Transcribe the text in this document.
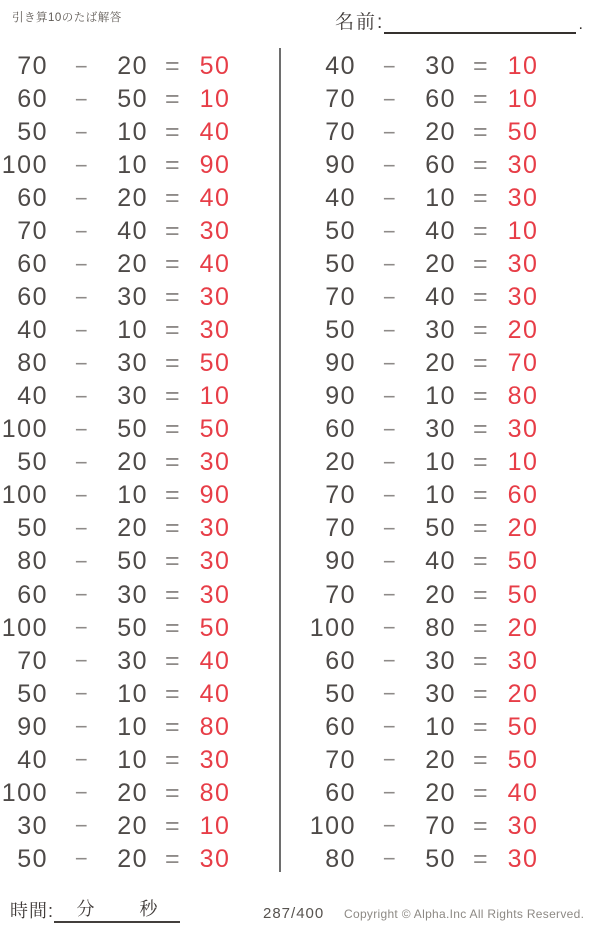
引き算10のたば解答	名前:	.
70	−	20 = 50
60	−	50 = 10
50	−	10 = 40
100	−	10 = 90
60	−	20 = 40
70	−	40 = 30
60	−	20 = 40
60	−	30 = 30
40	−	10 = 30
80	−	30 = 50
40	−	30 = 10
100	−	50 = 50
50	−	20 = 30
100	−	10 = 90
50	−	20 = 30
80	−	50 = 30
60	−	30 = 30
100	−	50 = 50
70	−	30 = 40
50	−	10 = 40
90	−	10 = 80
40	−	10 = 30
100	−	20 = 80
30	−	20 = 10
50	−	20 = 30
40	−	30 = 10
70	−	60 = 10
70	−	20 = 50
90	−	60 = 30
40	−	10 = 30
50	−	40 = 10
50	−	20 = 30
70	−	40 = 30
50	−	30 = 20
90	−	20 = 70
90	−	10 = 80
60	−	30 = 30
20	−	10 = 10
70	−	10 = 60
70	−	50 = 20
90	−	40 = 50
70	−	20 = 50
100	−	80 = 20
60	−	30 = 30
50	−	30 = 20
60	−	10 = 50
70	−	20 = 50
60	−	20 = 40
100	−	70 = 30
80	−	50 = 30
時間: 分	秒	287/400 Copyright © Alpha.Inc All Rights Reserved.
